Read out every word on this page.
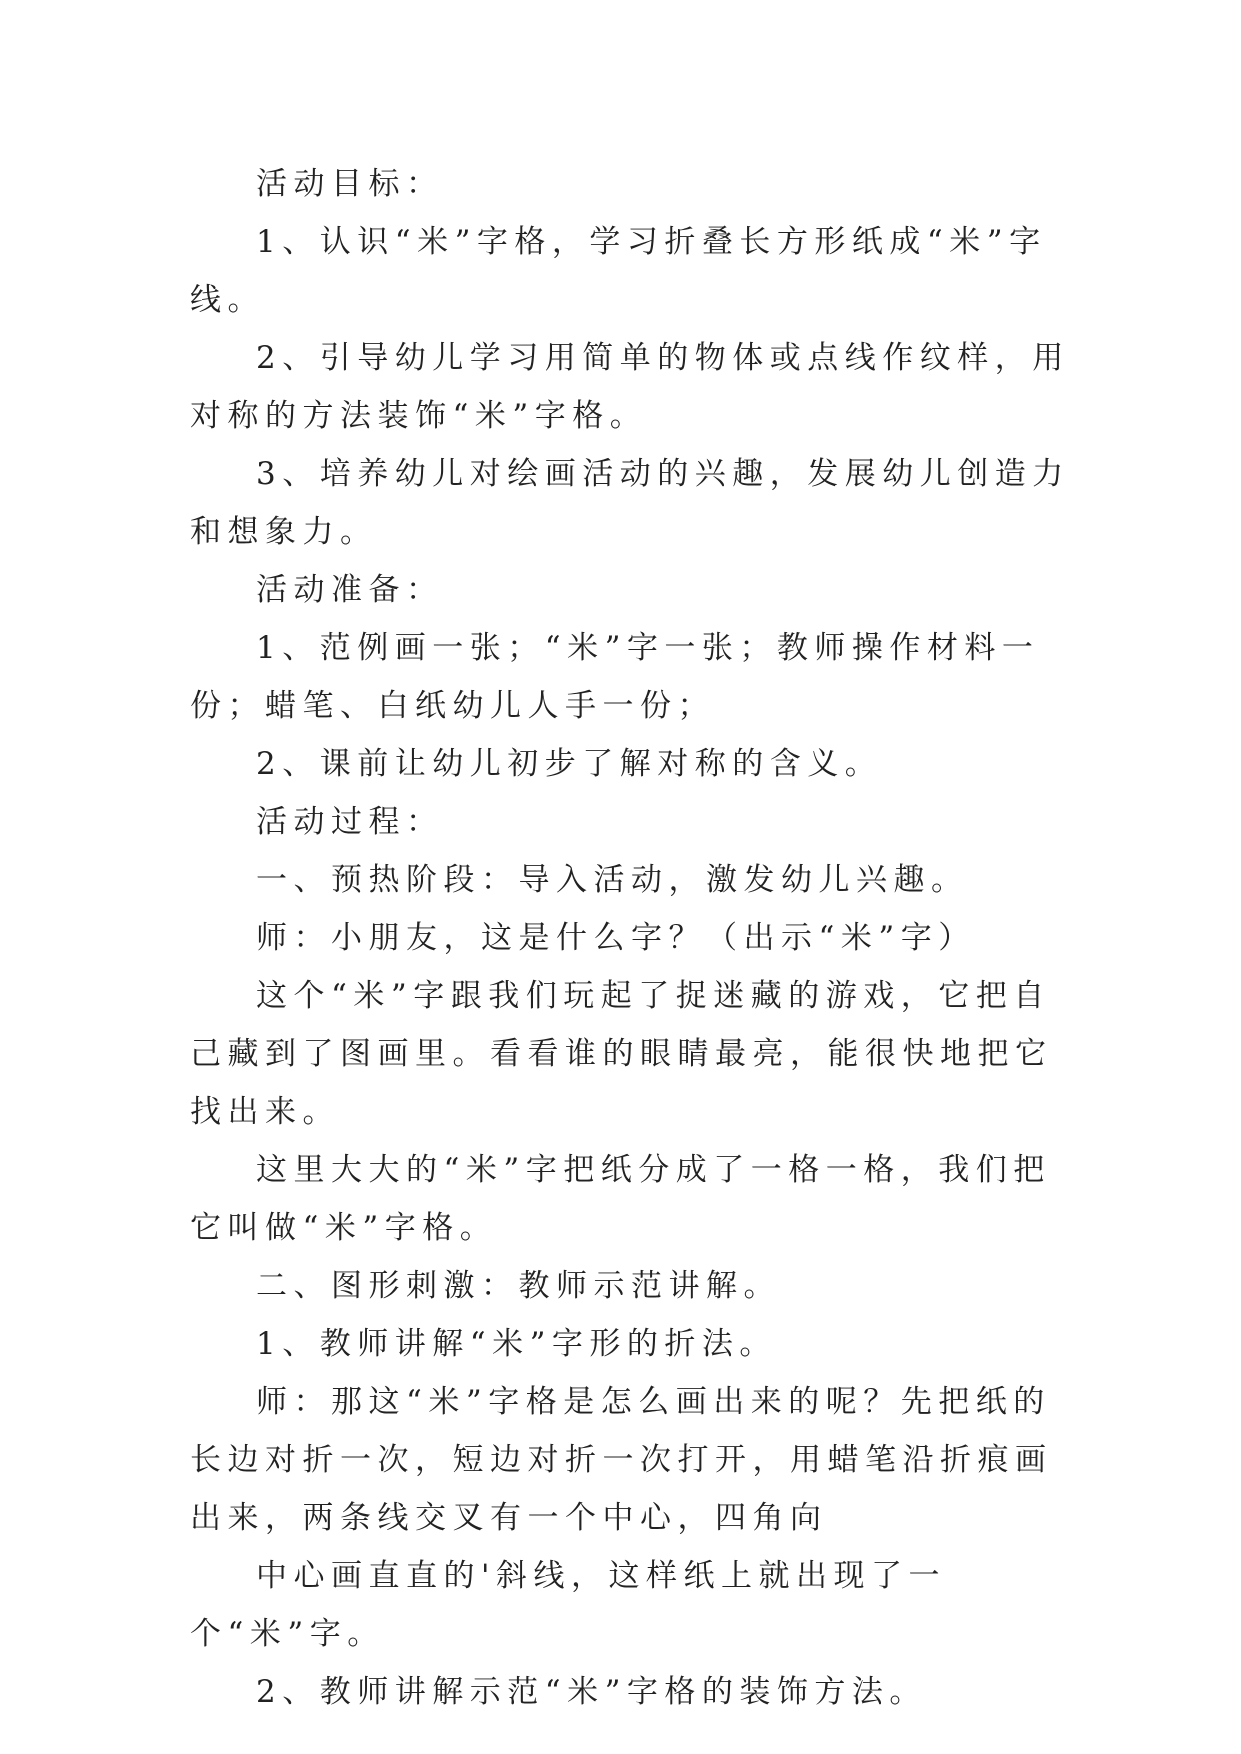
活动目标：

1、认识“米”字格，学习折叠长方形纸成“米”字线。

2、引导幼儿学习用简单的物体或点线作纹样，用对称的方法装饰“米”字格。

3、培养幼儿对绘画活动的兴趣，发展幼儿创造力和想象力。

活动准备：

1、范例画一张；“米”字一张；教师操作材料一份；蜡笔、白纸幼儿人手一份；

2、课前让幼儿初步了解对称的含义。

活动过程：

一、预热阶段：导入活动，激发幼儿兴趣。

师：小朋友，这是什么字？（出示“米”字）

这个“米”字跟我们玩起了捉迷藏的游戏，它把自己藏到了图画里。看看谁的眼睛最亮，能很快地把它找出来。

这里大大的“米”字把纸分成了一格一格，我们把它叫做“米”字格。

二、图形刺激：教师示范讲解。

1、教师讲解“米”字形的折法。

师：那这“米”字格是怎么画出来的呢？先把纸的长边对折一次，短边对折一次打开，用蜡笔沿折痕画出来，两条线交叉有一个中心，四角向

中心画直直的'斜线，这样纸上就出现了一个“米”字。

2、教师讲解示范“米”字格的装饰方法。
